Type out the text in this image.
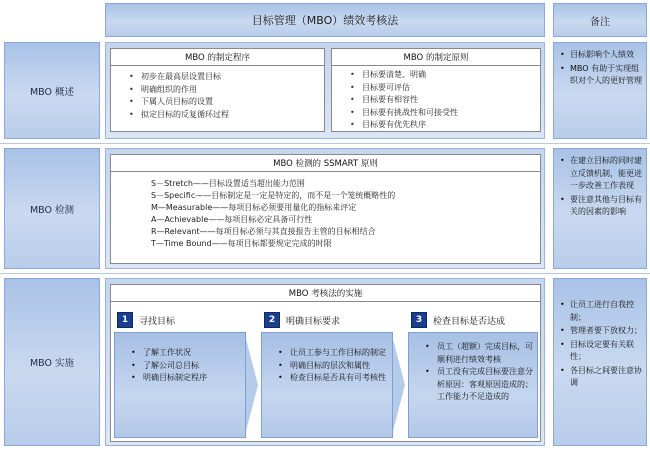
目标管理（MBO）绩效考核法	备注
MBO 概述
MBO 的制定程序
• 初步在最高层设置目标
• 明确组织的作用
• 下属人员目标的设置
• 拟定目标的反复循环过程
MBO 的制定原则
• 目标要清楚、明确
• 目标要可评估
• 目标要有相容性
• 目标要有挑战性和可接受性
• 目标要有优先秩序
• 目标影响个人绩效
• MBO 有助于实现组织对个人的更好管理
MBO 检测
MBO 检测的 SSMART 原则
S－Stretch——目标设置适当超出能力范围
S－Specific——目标制定是一定是特定的，而不是一个笼统概略性的
M—Measurable——每项目标必须要用量化的指标来评定
A—Achievable——每项目标必定具备可行性
R—Relevant——每项目标必须与其直接报告主管的目标相结合
T—Time Bound——每项目标都要规定完成的时限
• 在建立目标的同时建立反馈机制，能更进一步改善工作表现
• 要注意其他与目标有关的因素的影响
MBO 实施
MBO 考核法的实施
1	寻找目标
• 了解工作状况
• 了解公司总目标
• 明确目标制定程序
2	明确目标要求
• 让员工参与工作目标的制定
• 明确目标的层次和属性
• 检查目标是否具有可考核性
3	检查目标是否达成
• 员工（超额）完成目标，可顺利进行绩效考核
• 员工没有完成目标要注意分析原因：客观原因造成的；工作能力不足造成的
• 让员工进行自我控制；
• 管理者要下放权力；
• 目标设定要有关联性；
• 各目标之间要注意协调
